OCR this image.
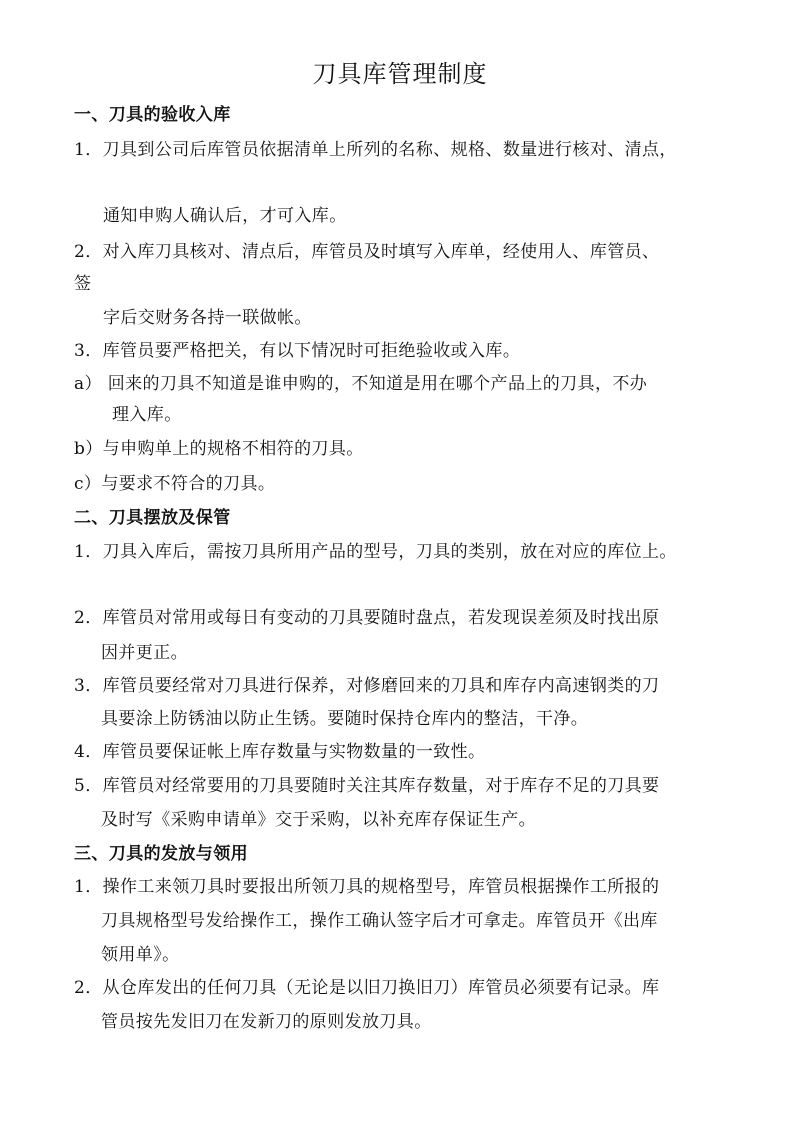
刀具库管理制度
一、刀具的验收入库
1．刀具到公司后库管员依据清单上所列的名称、规格、数量进行核对、清点，
通知申购人确认后，才可入库。
2．对入库刀具核对、清点后，库管员及时填写入库单，经使用人、库管员、
签
字后交财务各持一联做帐。
3．库管员要严格把关，有以下情况时可拒绝验收或入库。
a） 回来的刀具不知道是谁申购的，不知道是用在哪个产品上的刀具，不办
理入库。
b）与申购单上的规格不相符的刀具。
c）与要求不符合的刀具。
二、刀具摆放及保管
1．刀具入库后，需按刀具所用产品的型号，刀具的类别，放在对应的库位上。
2．库管员对常用或每日有变动的刀具要随时盘点，若发现误差须及时找出原
因并更正。
3．库管员要经常对刀具进行保养，对修磨回来的刀具和库存内高速钢类的刀
具要涂上防锈油以防止生锈。要随时保持仓库内的整洁，干净。
4．库管员要保证帐上库存数量与实物数量的一致性。
5．库管员对经常要用的刀具要随时关注其库存数量，对于库存不足的刀具要
及时写《采购申请单》交于采购，以补充库存保证生产。
三、刀具的发放与领用
1．操作工来领刀具时要报出所领刀具的规格型号，库管员根据操作工所报的
刀具规格型号发给操作工，操作工确认签字后才可拿走。库管员开《出库
领用单》。
2．从仓库发出的任何刀具（无论是以旧刀换旧刀）库管员必须要有记录。库
管员按先发旧刀在发新刀的原则发放刀具。
